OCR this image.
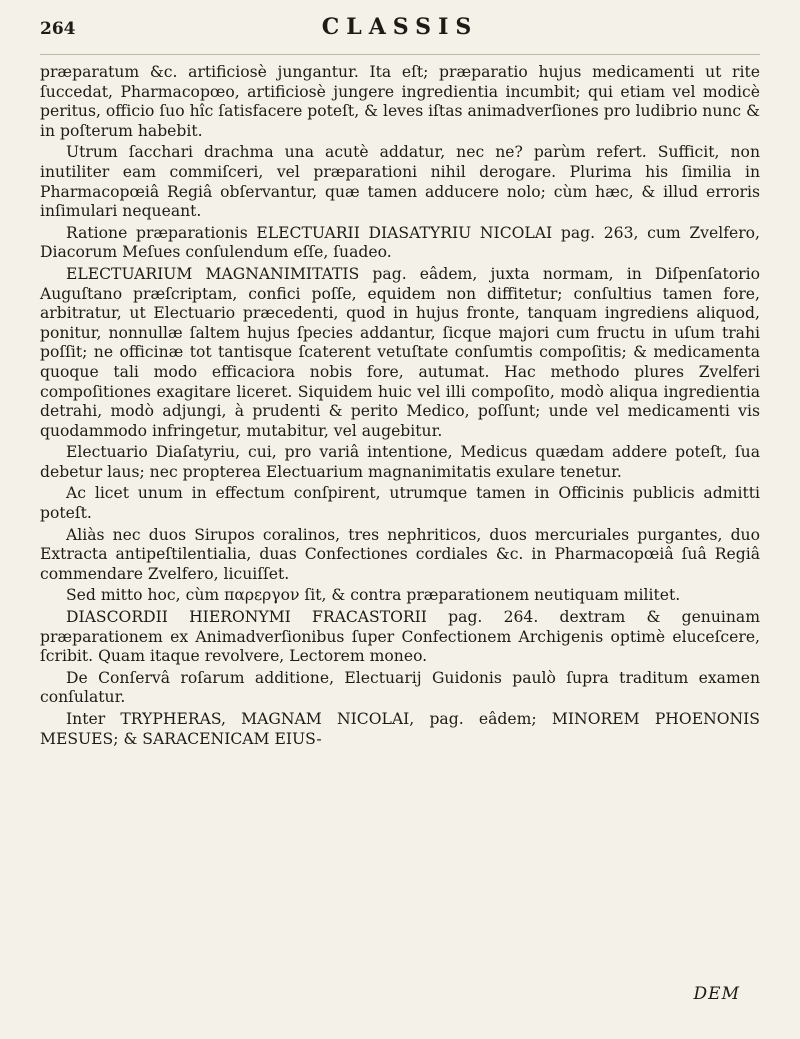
264	CLASSIS

præparatum &c. artificiosè jungantur. Ita eſt; præparatio hujus medicamenti ut rite ſuccedat, Pharmacopœo, artificiosè jungere ingredientia incumbit; qui etiam vel modicè peritus, officio ſuo hîc ſatisfacere poteſt, & leves iſtas animadverſiones pro ludibrio nunc & in poſterum habebit.

Utrum ſacchari drachma una acutè addatur, nec ne? parùm refert. Sufficit, non inutiliter eam commiſceri, vel præparationi nihil derogare. Plurima his ſimilia in Pharmacopœiâ Regiâ obſervantur, quæ tamen adducere nolo; cùm hæc, & illud erroris inſimulari nequeant.

Ratione præparationis ELECTUARII DIASATYRIU NICOLAI pag. 263, cum Zvelfero, Diacorum Meſues conſulendum eſſe, ſuadeo.

ELECTUARIUM MAGNANIMITATIS pag. eâdem, juxta normam, in Diſpenſatorio Auguſtano præſcriptam, confici poſſe, equidem non diffitetur; conſultius tamen fore, arbitratur, ut Electuario præcedenti, quod in hujus fronte, tanquam ingrediens aliquod, ponitur, nonnullæ ſaltem hujus ſpecies addantur, ſicque majori cum fructu in uſum trahi poſſit; ne officinæ tot tantisque ſcaterent vetuſtate conſumtis compoſitis; & medicamenta quoque tali modo efficaciora nobis fore, autumat. Hac methodo plures Zvelferi compoſitiones exagitare liceret. Siquidem huic vel illi compoſito, modò aliqua ingredientia detrahi, modò adjungi, à prudenti & perito Medico, poſſunt; unde vel medicamenti vis quodammodo infringetur, mutabitur, vel augebitur.

Electuario Diaſatyriu, cui, pro variâ intentione, Medicus quædam addere poteſt, ſua debetur laus; nec propterea Electuarium magnanimitatis exulare tenetur.

Ac licet unum in effectum conſpirent, utrumque tamen in Officinis publicis admitti poteſt.

Aliàs nec duos Sirupos coralinos, tres nephriticos, duos mercuriales purgantes, duo Extracta antipeſtilentialia, duas Confectiones cordiales &c. in Pharmacopœiâ ſuâ Regiâ commendare Zvelfero, licuiſſet.

Sed mitto hoc, cùm παρεργον ſit, & contra præparationem neutiquam militet.

DIASCORDII HIERONYMI FRACASTORII pag. 264. dextram & genuinam præparationem ex Animadverſionibus ſuper Confectionem Archigenis optimè eluceſcere, ſcribit. Quam itaque revolvere, Lectorem moneo.

De Conſervâ roſarum additione, Electuarij Guidonis paulò ſupra traditum examen conſulatur.

Inter TRYPHERAS, MAGNAM NICOLAI, pag. eâdem; MINOREM PHOENONIS MESUES; & SARACENICAM EIUS-

DEM
